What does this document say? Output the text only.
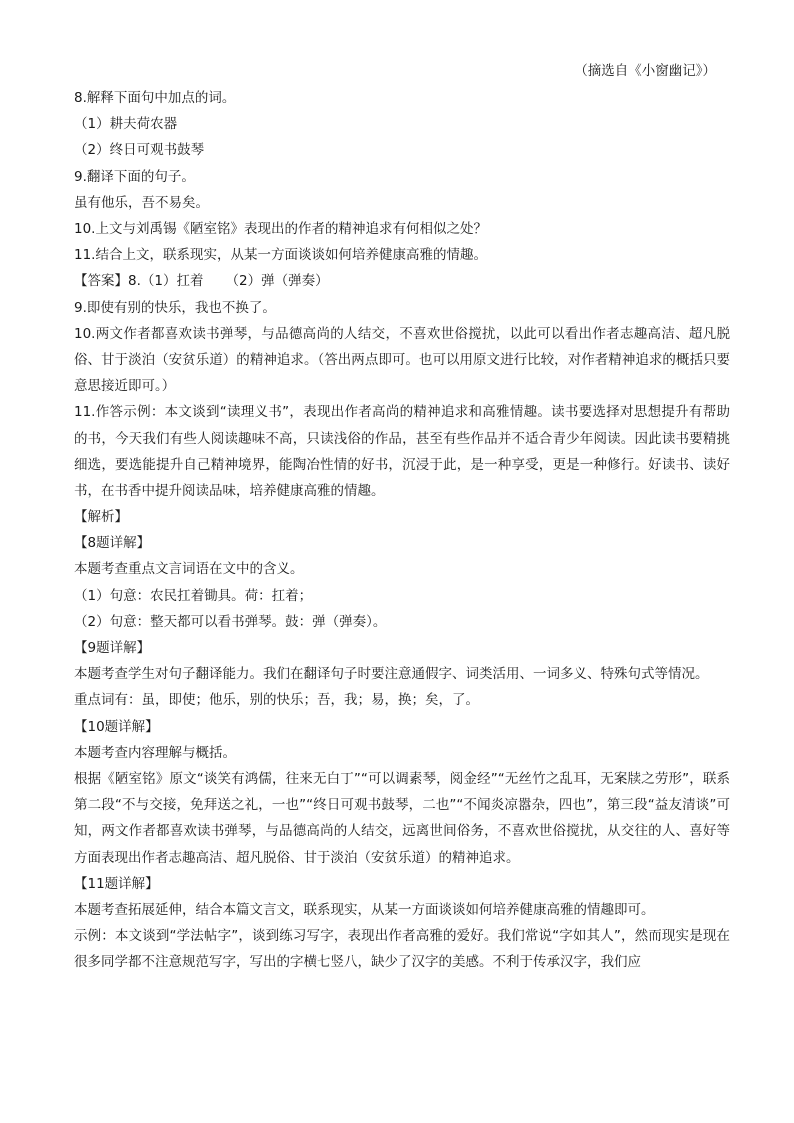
（摘选自《小窗幽记》）
8.解释下面句中加点的词。
（1）耕夫荷农器
（2）终日可观书鼓琴
9.翻译下面的句子。
虽有他乐，吾不易矣。
10.上文与刘禹锡《陋室铭》表现出的作者的精神追求有何相似之处？
11.结合上文，联系现实，从某一方面谈谈如何培养健康高雅的情趣。
【答案】8.（1）扛着　  （2）弹（弹奏）
9.即使有别的快乐，我也不换了。
10.两文作者都喜欢读书弹琴，与品德高尚的人结交，不喜欢世俗搅扰，以此可以看出作者志趣高洁、超凡脱俗、甘于淡泊（安贫乐道）的精神追求。（答出两点即可。也可以用原文进行比较，对作者精神追求的概括只要意思接近即可。）
11.作答示例：本文谈到“读理义书”，表现出作者高尚的精神追求和高雅情趣。读书要选择对思想提升有帮助的书，今天我们有些人阅读趣味不高，只读浅俗的作品，甚至有些作品并不适合青少年阅读。因此读书要精挑细选，要选能提升自己精神境界，能陶冶性情的好书，沉浸于此，是一种享受，更是一种修行。好读书、读好书，在书香中提升阅读品味，培养健康高雅的情趣。
【解析】
【8题详解】
本题考查重点文言词语在文中的含义。
（1）句意：农民扛着锄具。荷：扛着；
（2）句意：整天都可以看书弹琴。鼓：弹（弹奏）。
【9题详解】
本题考查学生对句子翻译能力。我们在翻译句子时要注意通假字、词类活用、一词多义、特殊句式等情况。
重点词有：虽，即使；他乐，别的快乐；吾，我；易，换；矣，了。
【10题详解】
本题考查内容理解与概括。
根据《陋室铭》原文“谈笑有鸿儒，往来无白丁”“可以调素琴，阅金经”“无丝竹之乱耳，无案牍之劳形”，联系第二段“不与交接，免拜送之礼，一也”“终日可观书鼓琴，二也”“不闻炎凉嚣杂，四也”，第三段“益友清谈”可知，两文作者都喜欢读书弹琴，与品德高尚的人结交，远离世间俗务，不喜欢世俗搅扰，从交往的人、喜好等方面表现出作者志趣高洁、超凡脱俗、甘于淡泊（安贫乐道）的精神追求。
【11题详解】
本题考查拓展延伸，结合本篇文言文，联系现实，从某一方面谈谈如何培养健康高雅的情趣即可。
示例：本文谈到“学法帖字”，谈到练习写字，表现出作者高雅的爱好。我们常说“字如其人”，然而现实是现在很多同学都不注意规范写字，写出的字横七竖八，缺少了汉字的美感。不利于传承汉字，我们应
